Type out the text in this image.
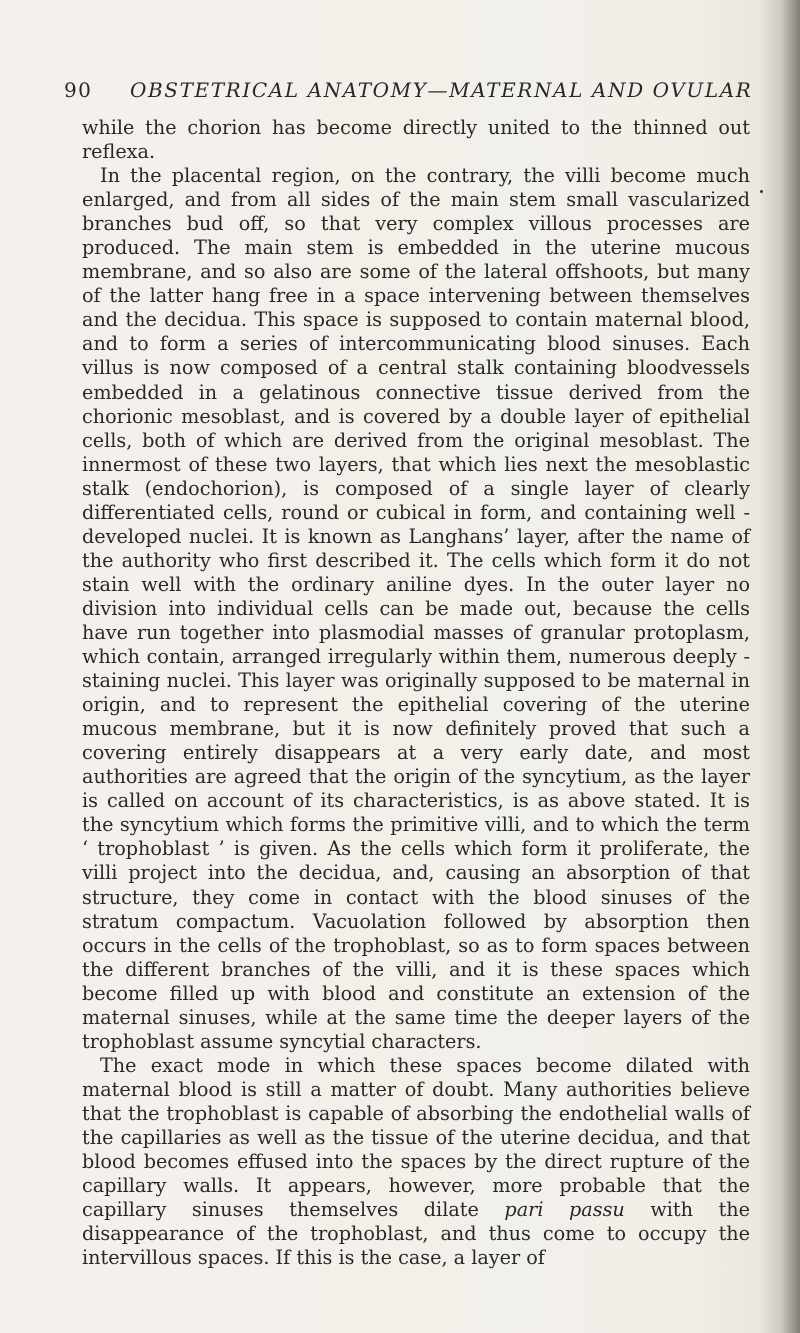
90 OBSTETRICAL ANATOMY—MATERNAL AND OVULAR

while the chorion has become directly united to the thinned out reflexa.

In the placental region, on the contrary, the villi become much enlarged, and from all sides of the main stem small vascularized branches bud off, so that very complex villous processes are produced. The main stem is embedded in the uterine mucous membrane, and so also are some of the lateral offshoots, but many of the latter hang free in a space intervening between themselves and the decidua. This space is supposed to contain maternal blood, and to form a series of intercommunicating blood sinuses. Each villus is now composed of a central stalk containing bloodvessels embedded in a gelatinous connective tissue derived from the chorionic mesoblast, and is covered by a double layer of epithelial cells, both of which are derived from the original mesoblast. The innermost of these two layers, that which lies next the mesoblastic stalk (endochorion), is composed of a single layer of clearly differentiated cells, round or cubical in form, and containing well - developed nuclei. It is known as Langhans’ layer, after the name of the authority who first described it. The cells which form it do not stain well with the ordinary aniline dyes. In the outer layer no division into individual cells can be made out, because the cells have run together into plasmodial masses of granular protoplasm, which contain, arranged irregularly within them, numerous deeply - staining nuclei. This layer was originally supposed to be maternal in origin, and to represent the epithelial covering of the uterine mucous membrane, but it is now definitely proved that such a covering entirely disappears at a very early date, and most authorities are agreed that the origin of the syncytium, as the layer is called on account of its characteristics, is as above stated. It is the syncytium which forms the primitive villi, and to which the term ‘ trophoblast ’ is given. As the cells which form it proliferate, the villi project into the decidua, and, causing an absorption of that structure, they come in contact with the blood sinuses of the stratum compactum. Vacuolation followed by absorption then occurs in the cells of the trophoblast, so as to form spaces between the different branches of the villi, and it is these spaces which become filled up with blood and constitute an extension of the maternal sinuses, while at the same time the deeper layers of the trophoblast assume syncytial characters.

The exact mode in which these spaces become dilated with maternal blood is still a matter of doubt. Many authorities believe that the trophoblast is capable of absorbing the endothelial walls of the capillaries as well as the tissue of the uterine decidua, and that blood becomes effused into the spaces by the direct rupture of the capillary walls. It appears, however, more probable that the capillary sinuses themselves dilate pari passu with the disappearance of the trophoblast, and thus come to occupy the intervillous spaces. If this is the case, a layer of
